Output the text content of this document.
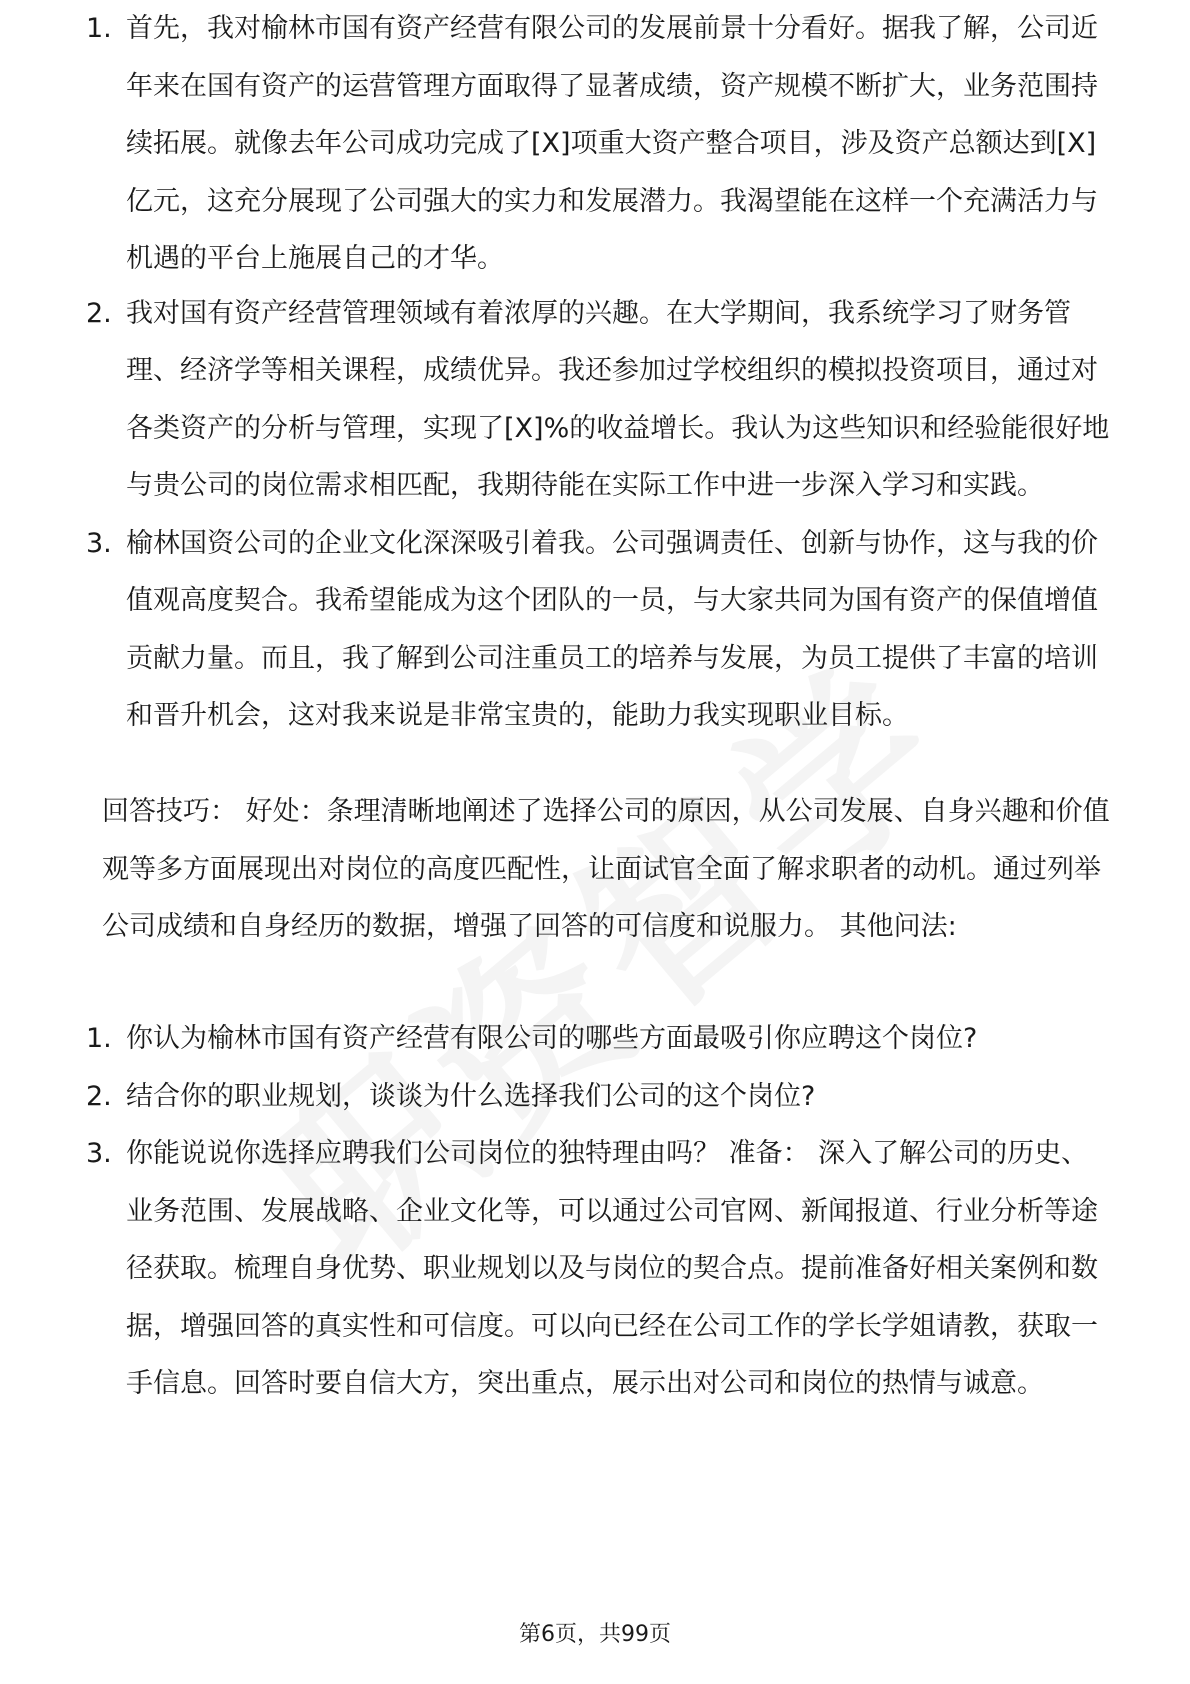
1. 首先，我对榆林市国有资产经营有限公司的发展前景十分看好。据我了解，公司近年来在国有资产的运营管理方面取得了显著成绩，资产规模不断扩大，业务范围持续拓展。就像去年公司成功完成了[X]项重大资产整合项目，涉及资产总额达到[X]亿元，这充分展现了公司强大的实力和发展潜力。我渴望能在这样一个充满活力与机遇的平台上施展自己的才华。
2. 我对国有资产经营管理领域有着浓厚的兴趣。在大学期间，我系统学习了财务管理、经济学等相关课程，成绩优异。我还参加过学校组织的模拟投资项目，通过对各类资产的分析与管理，实现了[X]%的收益增长。我认为这些知识和经验能很好地与贵公司的岗位需求相匹配，我期待能在实际工作中进一步深入学习和实践。
3. 榆林国资公司的企业文化深深吸引着我。公司强调责任、创新与协作，这与我的价值观高度契合。我希望能成为这个团队的一员，与大家共同为国有资产的保值增值贡献力量。而且，我了解到公司注重员工的培养与发展，为员工提供了丰富的培训和晋升机会，这对我来说是非常宝贵的，能助力我实现职业目标。

回答技巧： 好处：条理清晰地阐述了选择公司的原因，从公司发展、自身兴趣和价值观等多方面展现出对岗位的高度匹配性，让面试官全面了解求职者的动机。通过列举公司成绩和自身经历的数据，增强了回答的可信度和说服力。 其他问法:

1. 你认为榆林市国有资产经营有限公司的哪些方面最吸引你应聘这个岗位?
2. 结合你的职业规划，谈谈为什么选择我们公司的这个岗位?
3. 你能说说你选择应聘我们公司岗位的独特理由吗？ 准备： 深入了解公司的历史、业务范围、发展战略、企业文化等，可以通过公司官网、新闻报道、行业分析等途径获取。梳理自身优势、职业规划以及与岗位的契合点。提前准备好相关案例和数据，增强回答的真实性和可信度。可以向已经在公司工作的学长学姐请教，获取一手信息。回答时要自信大方，突出重点，展示出对公司和岗位的热情与诚意。
第6页，共99页
